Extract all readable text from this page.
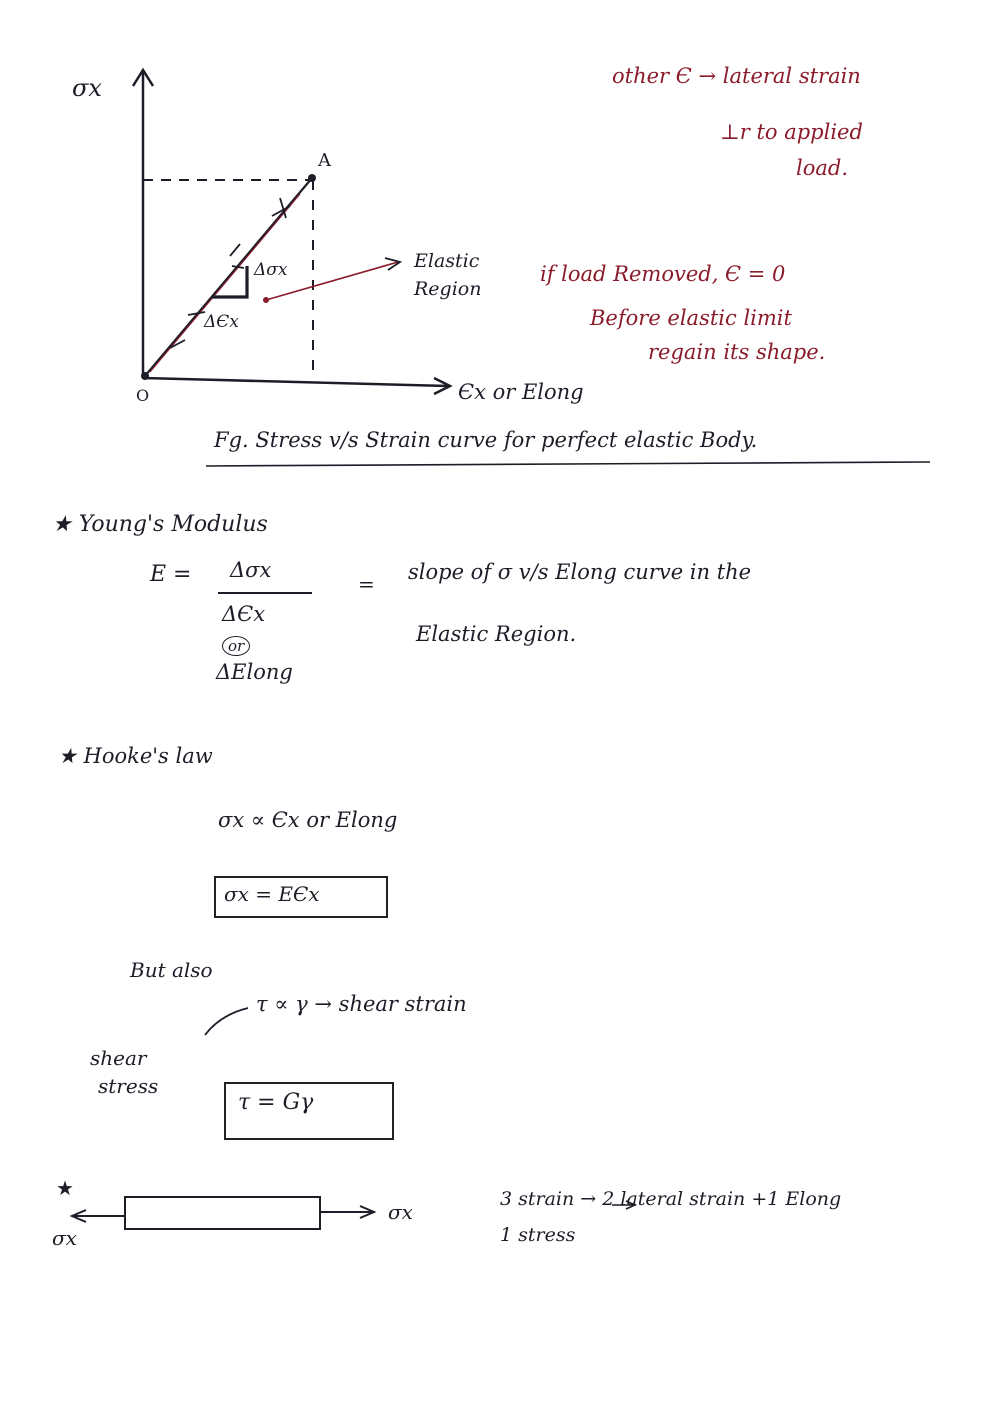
σx
A
O
Δσx
ΔЄx
Elastic Region
Єx or Elong
Fg. Stress v/s Strain curve for perfect elastic Body.
other Є → lateral strain
⊥r to applied
load.
if load Removed, Є = 0
Before elastic limit
regain its shape.
★ Young's Modulus
E = Δσx
ΔЄx
or
ΔElong
= slope of σ v/s Elong curve in the
Elastic Region.
★ Hooke's law
σx ∝ Єx or Elong
σx = EЄx
But also
τ ∝ γ → shear strain
shear
stress
τ = Gγ
★
σx
σx
3 strain → 2 lateral strain +1 Elong
1 stress
